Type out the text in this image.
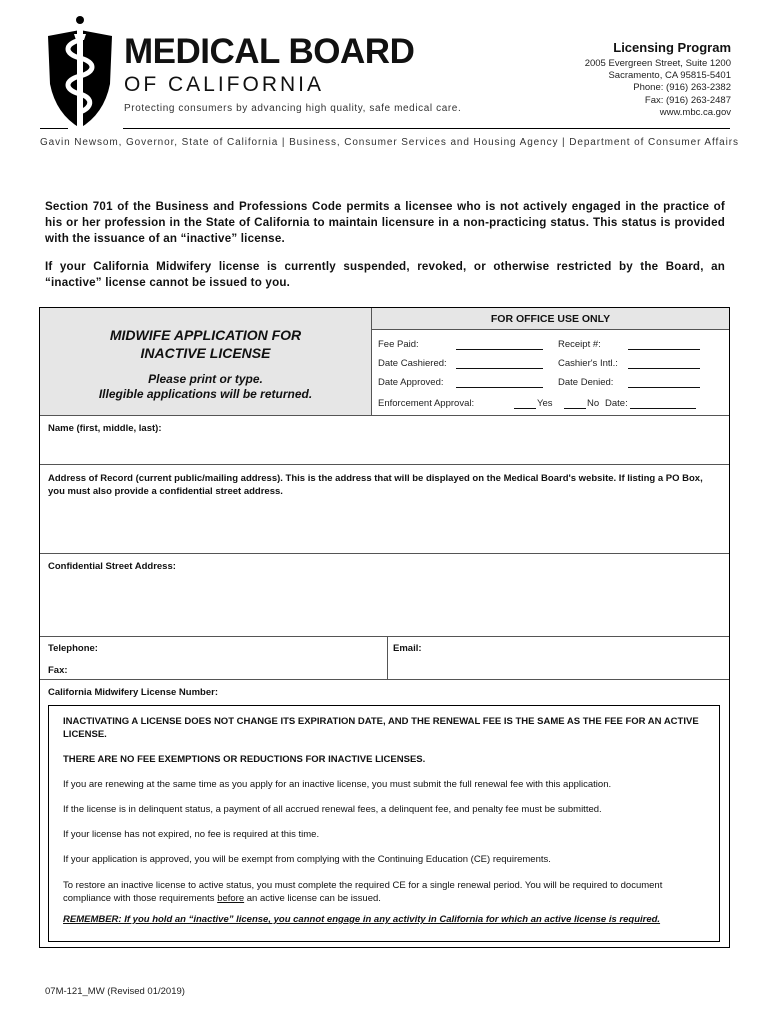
MEDICAL BOARD
OF CALIFORNIA
Protecting consumers by advancing high quality, safe medical care.
Licensing Program
2005 Evergreen Street, Suite 1200
Sacramento, CA 95815-5401
Phone: (916) 263-2382
Fax: (916) 263-2487
www.mbc.ca.gov
Gavin Newsom, Governor, State of California | Business, Consumer Services and Housing Agency | Department of Consumer Affairs
Section 701 of the Business and Professions Code permits a licensee who is not actively engaged in the practice of his or her profession in the State of California to maintain licensure in a non-practicing status. This status is provided with the issuance of an “inactive” license.
If your California Midwifery license is currently suspended, revoked, or otherwise restricted by the Board, an “inactive” license cannot be issued to you.
MIDWIFE APPLICATION FOR
INACTIVE LICENSE
Please print or type.
Illegible applications will be returned.
FOR OFFICE USE ONLY
Fee Paid:	Receipt #:
Date Cashiered:	Cashier's Intl.:
Date Approved:	Date Denied:
Enforcement Approval:	Yes	No Date:
Name (first, middle, last):
Address of Record (current public/mailing address). This is the address that will be displayed on the Medical Board's website. If listing a PO Box, you must also provide a confidential street address.
Confidential Street Address:
Telephone:	Email:
Fax:
California Midwifery License Number:
INACTIVATING A LICENSE DOES NOT CHANGE ITS EXPIRATION DATE, AND THE RENEWAL FEE IS THE SAME AS THE FEE FOR AN ACTIVE LICENSE.
THERE ARE NO FEE EXEMPTIONS OR REDUCTIONS FOR INACTIVE LICENSES.
If you are renewing at the same time as you apply for an inactive license, you must submit the full renewal fee with this application.
If the license is in delinquent status, a payment of all accrued renewal fees, a delinquent fee, and penalty fee must be submitted.
If your license has not expired, no fee is required at this time.
If your application is approved, you will be exempt from complying with the Continuing Education (CE) requirements.
To restore an inactive license to active status, you must complete the required CE for a single renewal period. You will be required to document compliance with those requirements before an active license can be issued.
REMEMBER: If you hold an “inactive” license, you cannot engage in any activity in California for which an active license is required.
07M-121_MW (Revised 01/2019)
